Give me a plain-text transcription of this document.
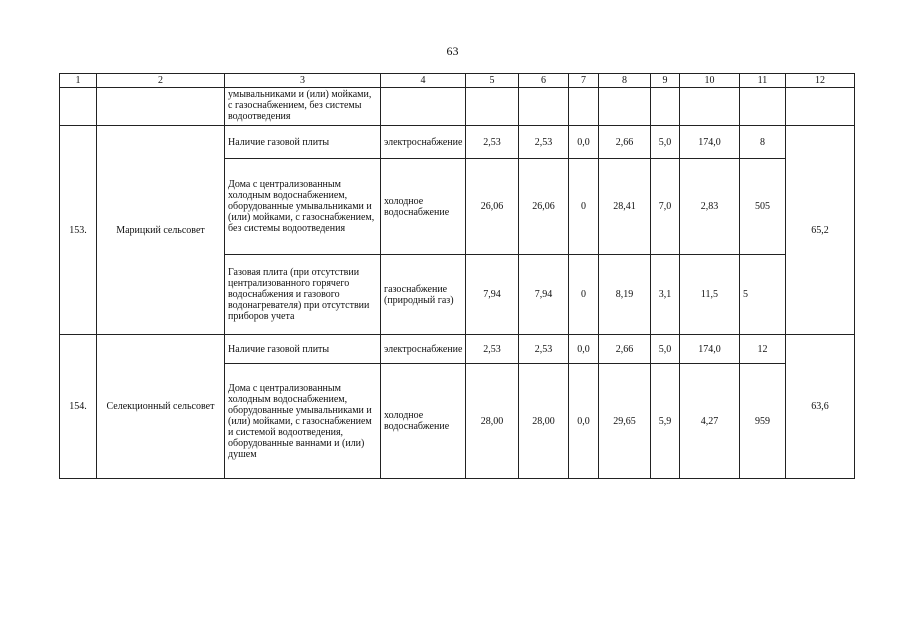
63
1	2	3	4	5	6	7	8	9	10	11	12
		умывальниками и (или) мойками, с газоснабжением, без системы водоотведения									
153.	Марицкий сельсовет	Наличие газовой плиты	электроснабжение	2,53	2,53	0,0	2,66	5,0	174,0	8	65,2
		Дома с централизованным холодным водоснабжением, оборудованные умывальниками и (или) мойками, с газоснабжением, без системы водоотведения	холодное водоснабжение	26,06	26,06	0	28,41	7,0	2,83	505	
		Газовая плита (при отсутствии централизованного горячего водоснабжения и газового водонагревателя) при отсутствии приборов учета	газоснабжение (природный газ)	7,94	7,94	0	8,19	3,1	11,5	5	
154.	Селекционный сельсовет	Наличие газовой плиты	электроснабжение	2,53	2,53	0,0	2,66	5,0	174,0	12	63,6
		Дома с централизованным холодным водоснабжением, оборудованные умывальниками и (или) мойками, с газоснабжением и системой водоотведения, оборудованные ваннами и (или) душем	холодное водоснабжение	28,00	28,00	0,0	29,65	5,9	4,27	959	
